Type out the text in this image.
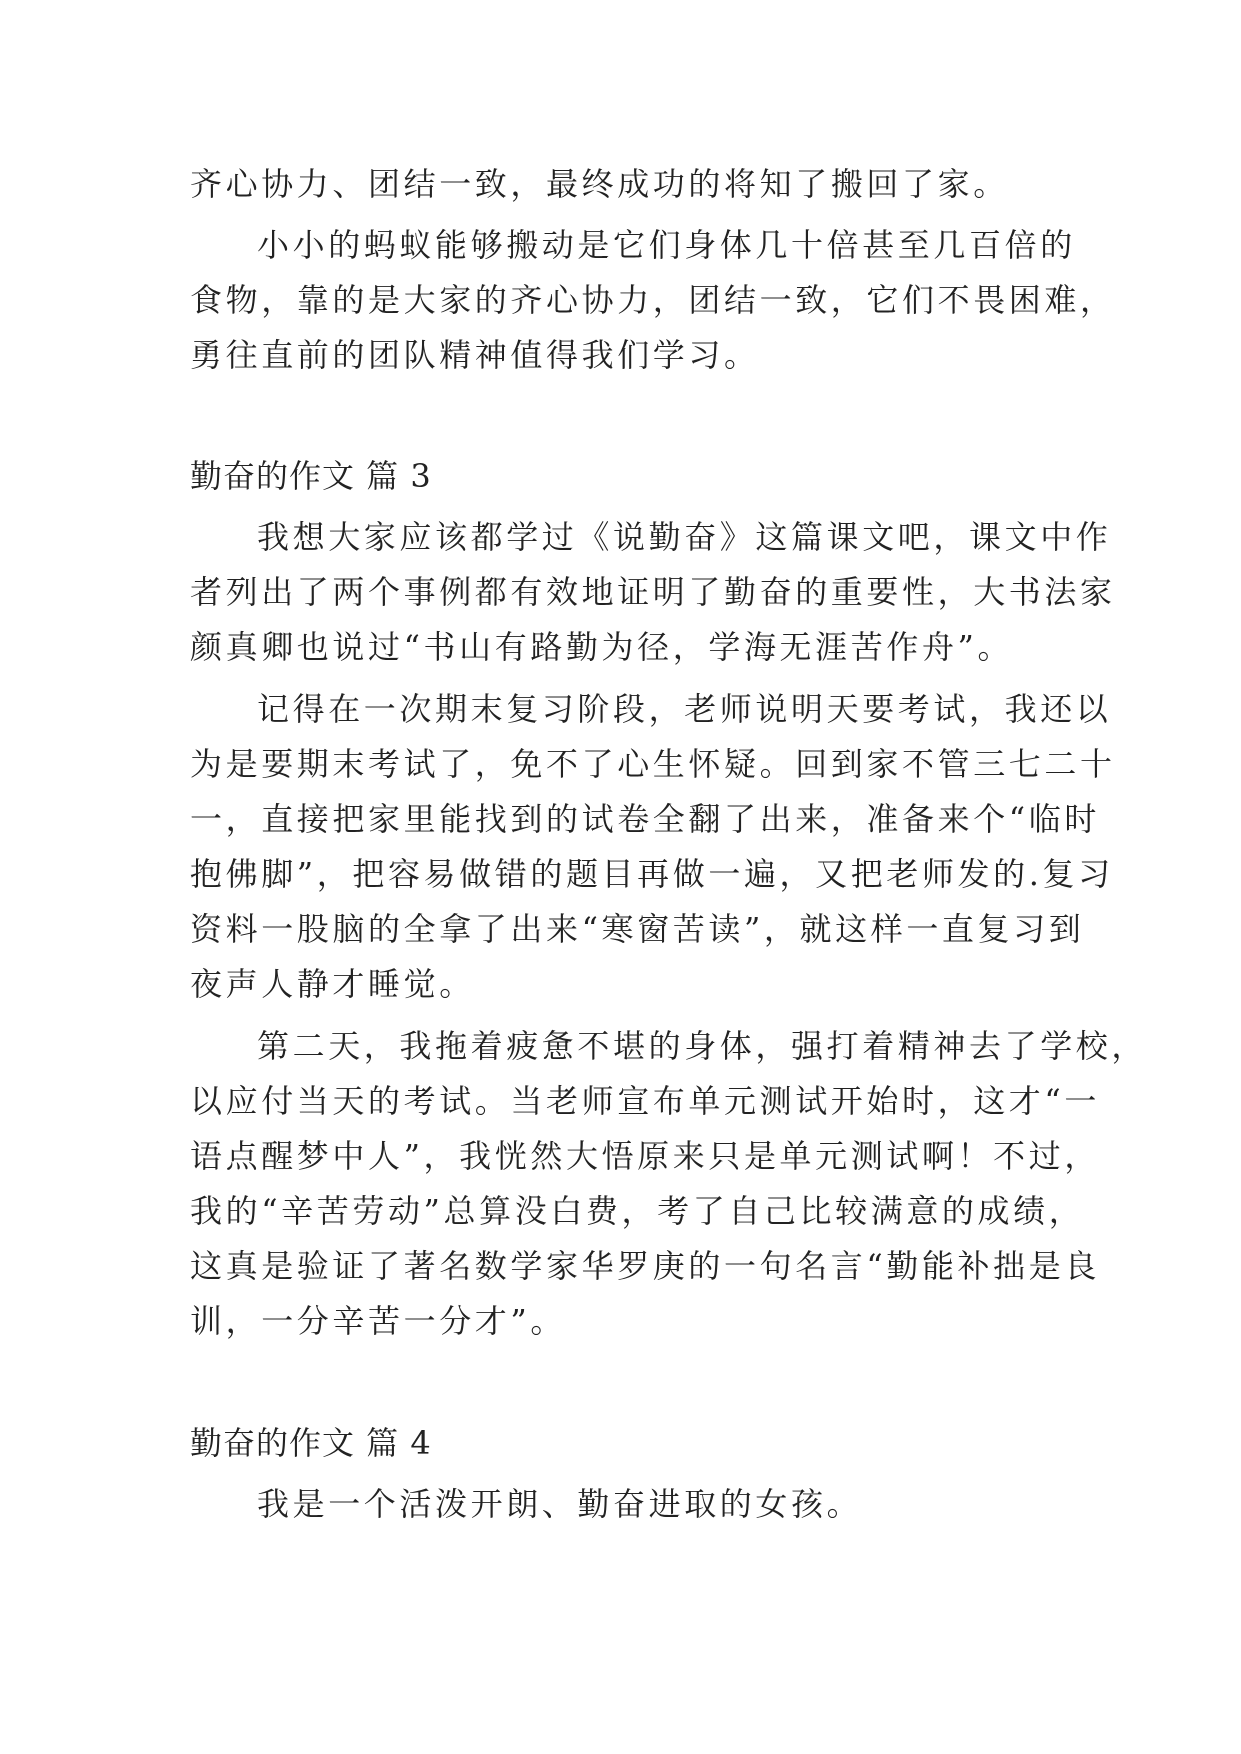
齐心协力、团结一致，最终成功的将知了搬回了家。
小小的蚂蚁能够搬动是它们身体几十倍甚至几百倍的
食物，靠的是大家的齐心协力，团结一致，它们不畏困难，
勇往直前的团队精神值得我们学习。
勤奋的作文 篇 3
我想大家应该都学过《说勤奋》这篇课文吧，课文中作
者列出了两个事例都有效地证明了勤奋的重要性，大书法家
颜真卿也说过“书山有路勤为径，学海无涯苦作舟”。
记得在一次期末复习阶段，老师说明天要考试，我还以
为是要期末考试了，免不了心生怀疑。回到家不管三七二十
一，直接把家里能找到的试卷全翻了出来，准备来个“临时
抱佛脚”，把容易做错的题目再做一遍，又把老师发的.复习
资料一股脑的全拿了出来“寒窗苦读”，就这样一直复习到
夜声人静才睡觉。
第二天，我拖着疲惫不堪的身体，强打着精神去了学校，
以应付当天的考试。当老师宣布单元测试开始时，这才“一
语点醒梦中人”，我恍然大悟原来只是单元测试啊！不过，
我的“辛苦劳动”总算没白费，考了自己比较满意的成绩，
这真是验证了著名数学家华罗庚的一句名言“勤能补拙是良
训，一分辛苦一分才”。
勤奋的作文 篇 4
我是一个活泼开朗、勤奋进取的女孩。
